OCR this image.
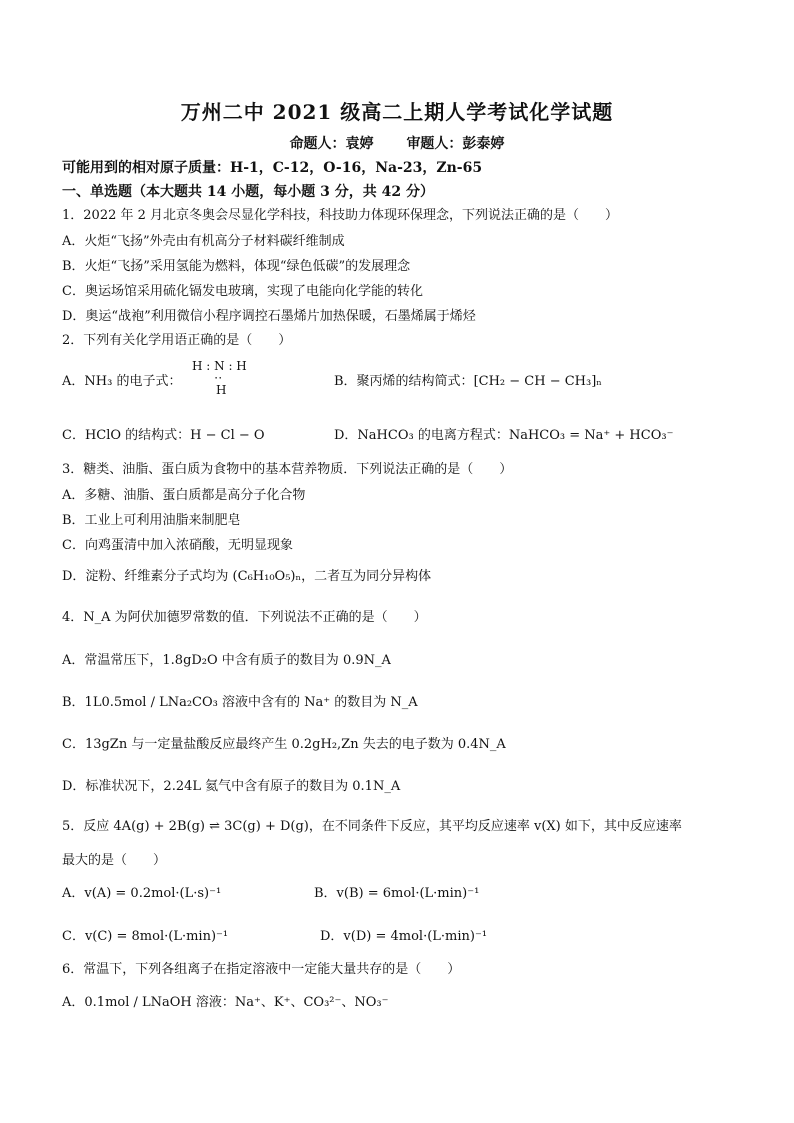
万州二中 2021 级高二上期人学考试化学试题
命题人：袁婷 审题人：彭泰婷
可能用到的相对原子质量：H-1，C-12，O-16，Na-23，Zn-65
一、单选题（本大题共 14 小题，每小题 3 分，共 42 分）
1．2022 年 2 月北京冬奥会尽显化学科技，科技助力体现环保理念，下列说法正确的是（　　）
A．火炬“飞扬”外壳由有机高分子材料碳纤维制成
B．火炬“飞扬”采用氢能为燃料，体现“绿色低碳”的发展理念
C．奥运场馆采用硫化镉发电玻璃，实现了电能向化学能的转化
D．奥运“战袍”利用微信小程序调控石墨烯片加热保暖，石墨烯属于烯烃
2．下列有关化学用语正确的是（　　）
A．NH₃ 的电子式：
H : N : H
⋅⋅
H
B．聚丙烯的结构简式：[CH₂ − CH − CH₃]ₙ
C．HClO 的结构式：H − Cl − O	D．NaHCO₃ 的电离方程式：NaHCO₃ = Na⁺ + HCO₃⁻
3．糖类、油脂、蛋白质为食物中的基本营养物质．下列说法正确的是（　　）
A．多糖、油脂、蛋白质都是高分子化合物
B．工业上可利用油脂来制肥皂
C．向鸡蛋清中加入浓硝酸，无明显现象
D．淀粉、纤维素分子式均为 (C₆H₁₀O₅)ₙ，二者互为同分异构体
4．N_A 为阿伏加德罗常数的值．下列说法不正确的是（　　）
A．常温常压下，1.8gD₂O 中含有质子的数目为 0.9N_A
B．1L0.5mol / LNa₂CO₃ 溶液中含有的 Na⁺ 的数目为 N_A
C．13gZn 与一定量盐酸反应最终产生 0.2gH₂,Zn 失去的电子数为 0.4N_A
D．标准状况下，2.24L 氦气中含有原子的数目为 0.1N_A
5．反应 4A(g) + 2B(g) ⇌ 3C(g) + D(g)，在不同条件下反应，其平均反应速率 v(X) 如下，其中反应速率
最大的是（　　）
A．v(A) = 0.2mol·(L·s)⁻¹	B．v(B) = 6mol·(L·min)⁻¹
C．v(C) = 8mol·(L·min)⁻¹	D．v(D) = 4mol·(L·min)⁻¹
6．常温下，下列各组离子在指定溶液中一定能大量共存的是（　　）
A．0.1mol / LNaOH 溶液：Na⁺、K⁺、CO₃²⁻、NO₃⁻
